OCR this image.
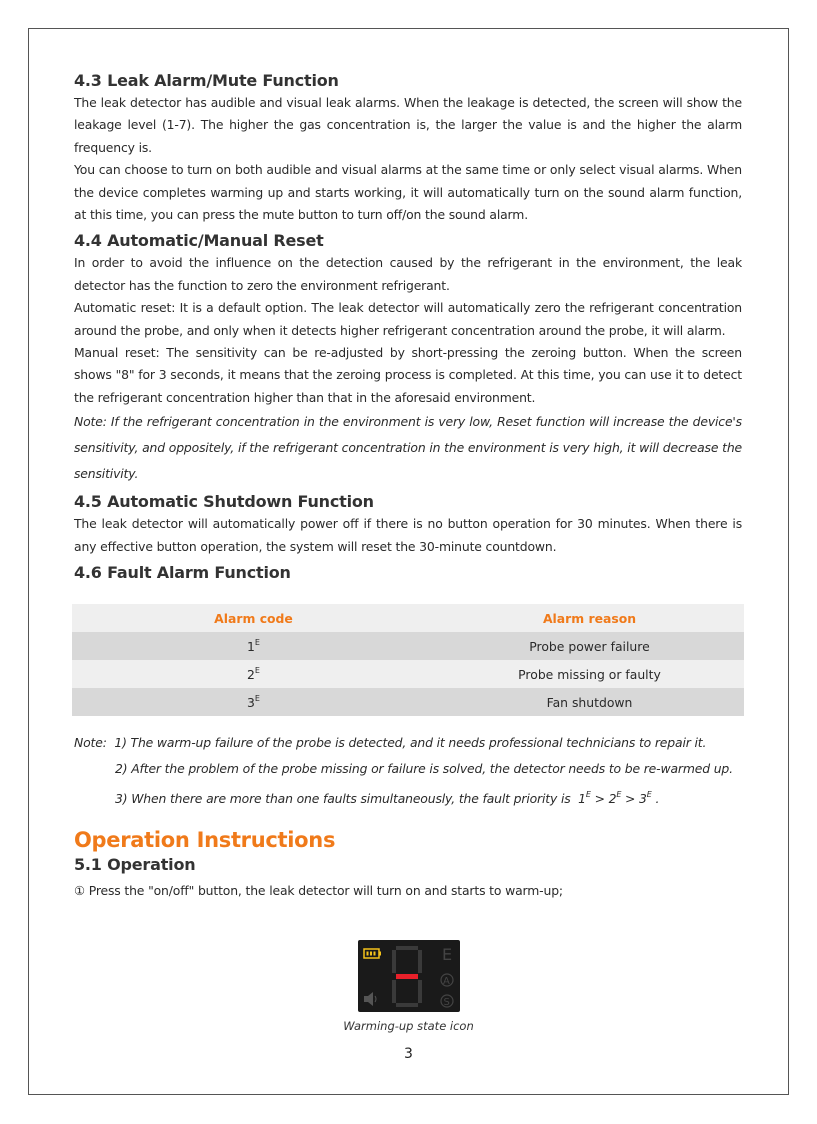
4.3 Leak Alarm/Mute Function

The leak detector has audible and visual leak alarms. When the leakage is detected, the screen will show the leakage level (1-7). The higher the gas concentration is, the larger the value is and the higher the alarm frequency is.

You can choose to turn on both audible and visual alarms at the same time or only select visual alarms. When the device completes warming up and starts working, it will automatically turn on the sound alarm function, at this time, you can press the mute button to turn off/on the sound alarm.

4.4 Automatic/Manual Reset

In order to avoid the influence on the detection caused by the refrigerant in the environment, the leak detector has the function to zero the environment refrigerant.

Automatic reset: It is a default option. The leak detector will automatically zero the refrigerant concentration around the probe, and only when it detects higher refrigerant concentration around the probe, it will alarm.

Manual reset: The sensitivity can be re-adjusted by short-pressing the zeroing button. When the screen shows "8" for 3 seconds, it means that the zeroing process is completed. At this time, you can use it to detect the refrigerant concentration higher than that in the aforesaid environment.

Note: If the refrigerant concentration in the environment is very low, Reset function will increase the device's sensitivity, and oppositely, if the refrigerant concentration in the environment is very high, it will decrease the sensitivity.

4.5 Automatic Shutdown Function

The leak detector will automatically power off if there is no button operation for 30 minutes. When there is any effective button operation, the system will reset the 30-minute countdown.

4.6 Fault Alarm Function
Alarm code	Alarm reason
$1^E$	Probe power failure
$2^E$	Probe missing or faulty
$3^E$	Fan shutdown
Note: 1) The warm-up failure of the probe is detected, and it needs professional technicians to repair it.
2) After the problem of the probe missing or failure is solved, the detector needs to be re-warmed up.
3) When there are more than one faults simultaneously, the fault priority is $1^E > 2^E > 3^E$ .
Operation Instructions
5.1 Operation

① Press the "on/off" button, the leak detector will turn on and starts to warm-up;

E
A
S
Warming-up state icon
3
